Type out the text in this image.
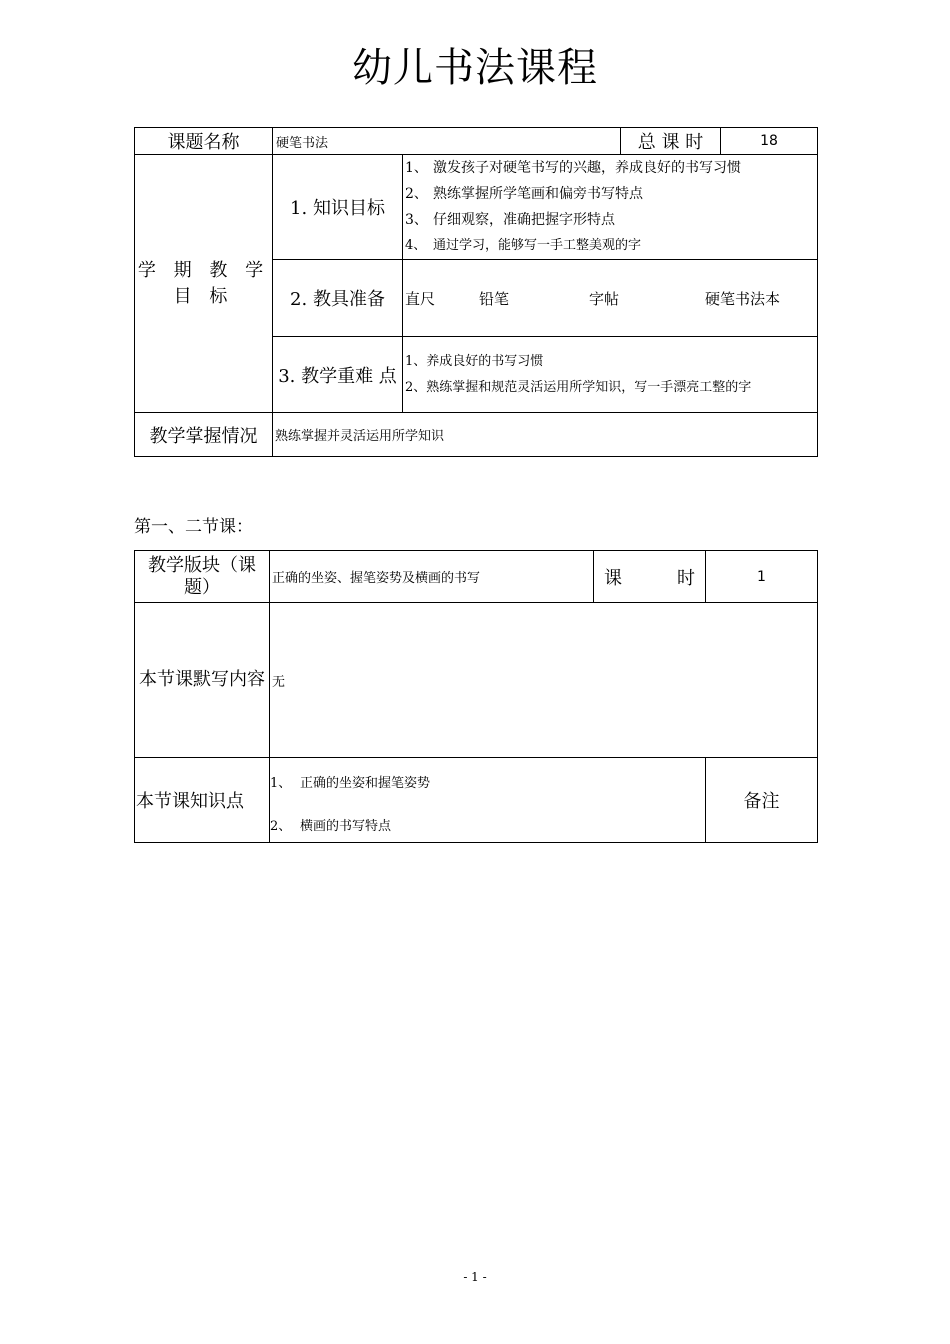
幼儿书法课程
课题名称	硬笔书法		总 课 时	18
学 期 教 学 目 标	1. 知识目标	1、 激发孩子对硬笔书写的兴趣，养成良好的书写习惯
2、 熟练掌握所学笔画和偏旁书写特点
3、 仔细观察，准确把握字形特点
4、 通过学习，能够写一手工整美观的字		

	2. 教具准备	直尺 铅笔 字帖 硬笔书法本		

	3. 教学重难 点	1、养成良好的书写习惯
2、熟练掌握和规范灵活运用所学知识，写一手漂亮工整的字		

教学掌握情况	熟练掌握并灵活运用所学知识			
第一、二节课：
教学版块（课题）	正确的坐姿、握笔姿势及横画的书写	课 时	1
本节课默写内容	无		
本节课知识点	1、 正确的坐姿和握笔姿势
2、 横画的书写特点		备注
- 1 -
